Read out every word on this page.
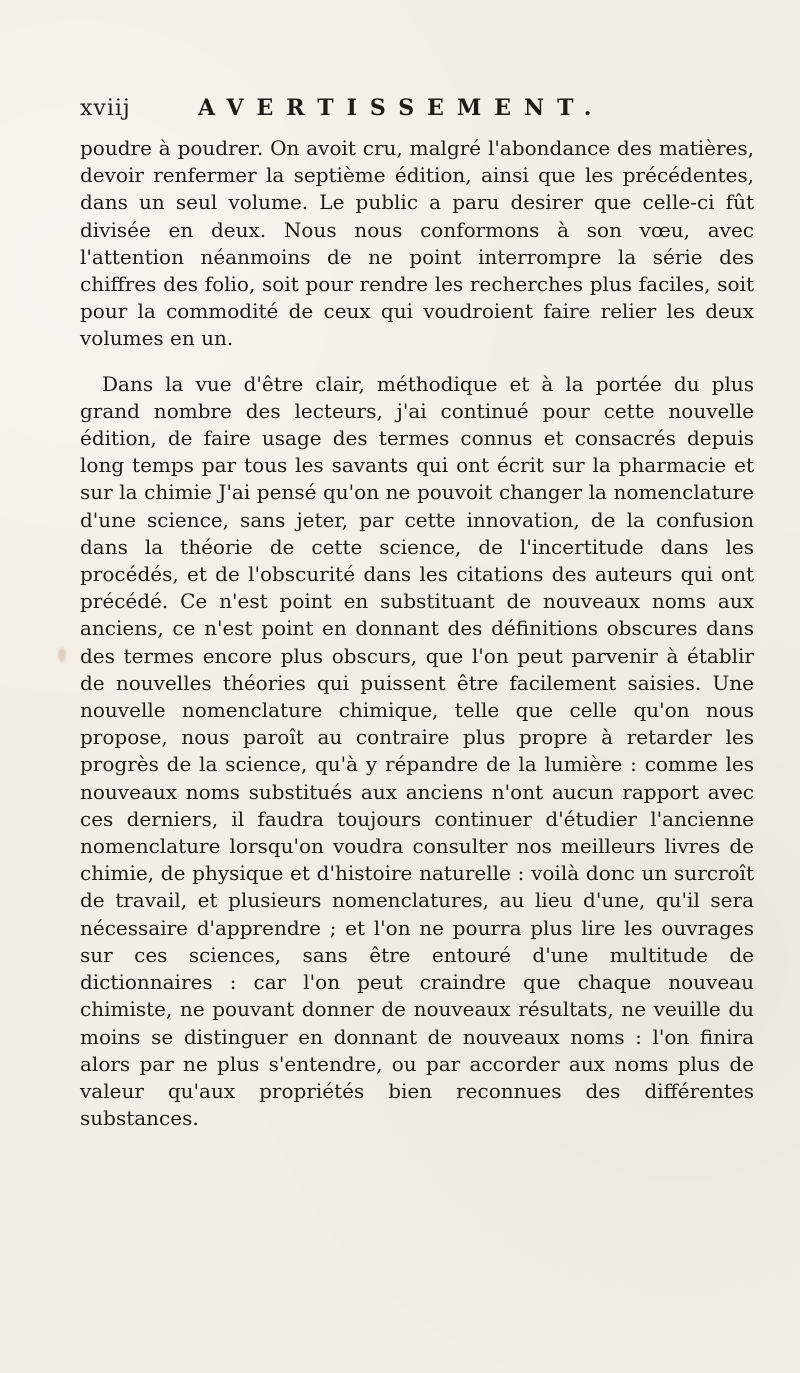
xviij	AVERTISSEMENT.

poudre à poudrer. On avoit cru, malgré l'abondance des matières, devoir renfermer la septième édition, ainsi que les précédentes, dans un seul volume. Le public a paru desirer que celle-ci fût divisée en deux. Nous nous conformons à son vœu, avec l'attention néanmoins de ne point interrompre la série des chiffres des folio, soit pour rendre les recherches plus faciles, soit pour la commodité de ceux qui voudroient faire relier les deux volumes en un.

Dans la vue d'être clair, méthodique et à la portée du plus grand nombre des lecteurs, j'ai continué pour cette nouvelle édition, de faire usage des termes connus et consacrés depuis long temps par tous les savants qui ont écrit sur la pharmacie et sur la chimie J'ai pensé qu'on ne pouvoit changer la nomenclature d'une science, sans jeter, par cette innovation, de la confusion dans la théorie de cette science, de l'incertitude dans les procédés, et de l'obscurité dans les citations des auteurs qui ont précédé. Ce n'est point en substituant de nouveaux noms aux anciens, ce n'est point en donnant des définitions obscures dans des termes encore plus obscurs, que l'on peut parvenir à établir de nouvelles théories qui puissent être facilement saisies. Une nouvelle nomenclature chimique, telle que celle qu'on nous propose, nous paroît au contraire plus propre à retarder les progrès de la science, qu'à y répandre de la lumière : comme les nouveaux noms substitués aux anciens n'ont aucun rapport avec ces derniers, il faudra toujours continuer d'étudier l'ancienne nomenclature lorsqu'on voudra consulter nos meilleurs livres de chimie, de physique et d'histoire naturelle : voilà donc un surcroît de travail, et plusieurs nomenclatures, au lieu d'une, qu'il sera nécessaire d'apprendre ; et l'on ne pourra plus lire les ouvrages sur ces sciences, sans être entouré d'une multitude de dictionnaires : car l'on peut craindre que chaque nouveau chimiste, ne pouvant donner de nouveaux résultats, ne veuille du moins se distinguer en donnant de nouveaux noms : l'on finira alors par ne plus s'entendre, ou par accorder aux noms plus de valeur qu'aux propriétés bien reconnues des différentes substances.
